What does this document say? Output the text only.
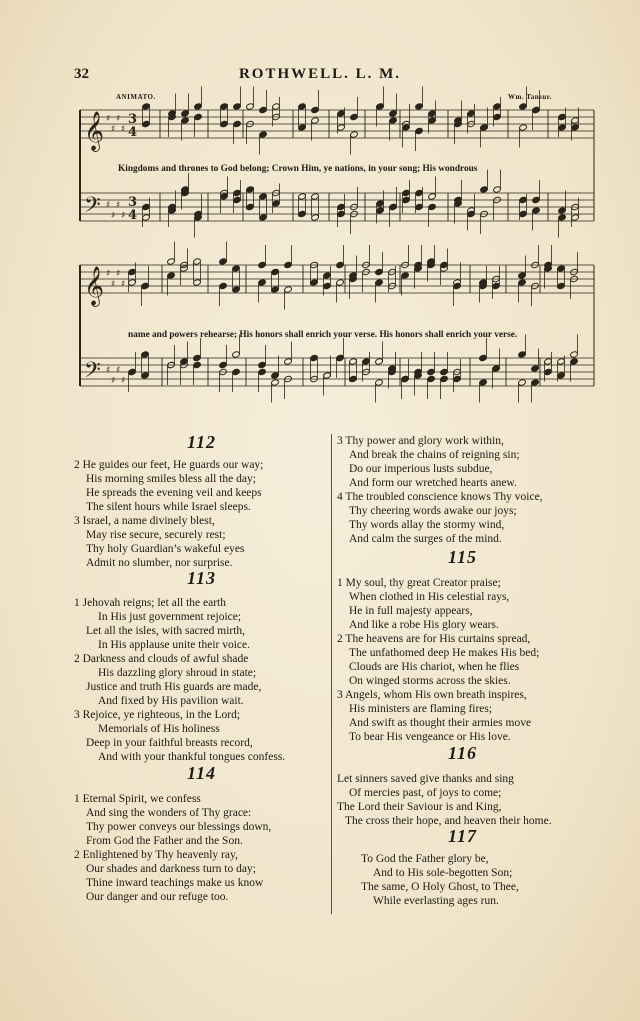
32	ROTHWELL. L. M.
ANIMATO.	Wm. Tansur.
𝄞
𝄢
♯
♯
♯
♯
♯
♯
♯
♯
3
3
4
4
𝄞
𝄢
♯
♯
♯
♯
♯
♯
♯
♯
Kingdoms and thrones to God belong; Crown Him, ye nations, in your song; His wondrous
name and powers rehearse; His honors shall enrich your verse. His honors shall enrich your verse.
112
2 He guides our feet, He guards our way;
His morning smiles bless all the day;
He spreads the evening veil and keeps
The silent hours while Israel sleeps.
3 Israel, a name divinely blest,
May rise secure, securely rest;
Thy holy Guardian’s wakeful eyes
Admit no slumber, nor surprise.
113
1 Jehovah reigns; let all the earth
In His just government rejoice;
Let all the isles, with sacred mirth,
In His applause unite their voice.
2 Darkness and clouds of awful shade
His dazzling glory shroud in state;
Justice and truth His guards are made,
And fixed by His pavilion wait.
3 Rejoice, ye righteous, in the Lord;
Memorials of His holiness
Deep in your faithful breasts record,
And with your thankful tongues confess.
114
1 Eternal Spirit, we confess
And sing the wonders of Thy grace:
Thy power conveys our blessings down,
From God the Father and the Son.
2 Enlightened by Thy heavenly ray,
Our shades and darkness turn to day;
Thine inward teachings make us know
Our danger and our refuge too.
3 Thy power and glory work within,
And break the chains of reigning sin;
Do our imperious lusts subdue,
And form our wretched hearts anew.
4 The troubled conscience knows Thy voice,
Thy cheering words awake our joys;
Thy words allay the stormy wind,
And calm the surges of the mind.
115
1 My soul, thy great Creator praise;
When clothed in His celestial rays,
He in full majesty appears,
And like a robe His glory wears.
2 The heavens are for His curtains spread,
The unfathomed deep He makes His bed;
Clouds are His chariot, when he flies
On winged storms across the skies.
3 Angels, whom His own breath inspires,
His ministers are flaming fires;
And swift as thought their armies move
To bear His vengeance or His love.
116
Let sinners saved give thanks and sing
Of mercies past, of joys to come;
The Lord their Saviour is and King,
The cross their hope, and heaven their home.
117
To God the Father glory be,
And to His sole-begotten Son;
The same, O Holy Ghost, to Thee,
While everlasting ages run.
